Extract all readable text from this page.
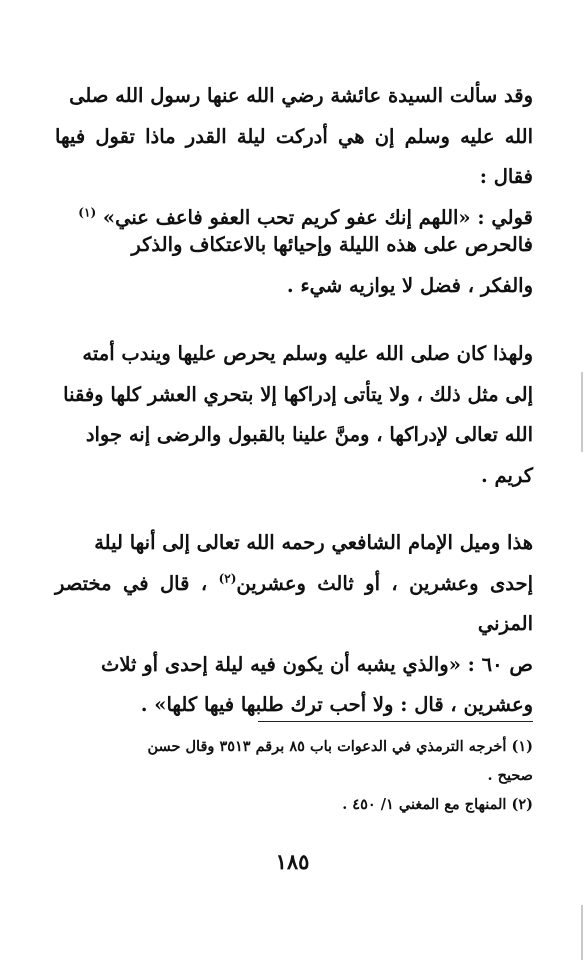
وقد سألت السيدة عائشة رضي الله عنها رسول الله صلى
الله عليه وسلم إن هي أدركت ليلة القدر ماذا تقول فيها فقال :
قولي : «اللهم إنك عفو كريم تحب العفو فاعف عني» $^{(١)}$

فالحرص على هذه الليلة وإحيائها بالاعتكاف والذكر
والفكر ، فضل لا يوازيه شيء .

ولهذا كان صلى الله عليه وسلم يحرص عليها ويندب أمته
إلى مثل ذلك ، ولا يتأتى إدراكها إلا بتحري العشر كلها وفقنا
الله تعالى لإدراكها ، ومنَّ علينا بالقبول والرضى إنه جواد
كريم .

هذا وميل الإمام الشافعي رحمه الله تعالى إلى أنها ليلة
إحدى وعشرين ، أو ثالث وعشرين$^{(٢)}$ ، قال في مختصر المزني
ص ٦٠ : «والذي يشبه أن يكون فيه ليلة إحدى أو ثلاث
وعشرين ، قال : ولا أحب ترك طلبها فيها كلها» .

(١) أخرجه الترمذي في الدعوات باب ٨٥ برقم ٣٥١٣ وقال حسن
صحيح .
(٢) المنهاج مع المغني ١/ ٤٥٠ .

١٨٥
